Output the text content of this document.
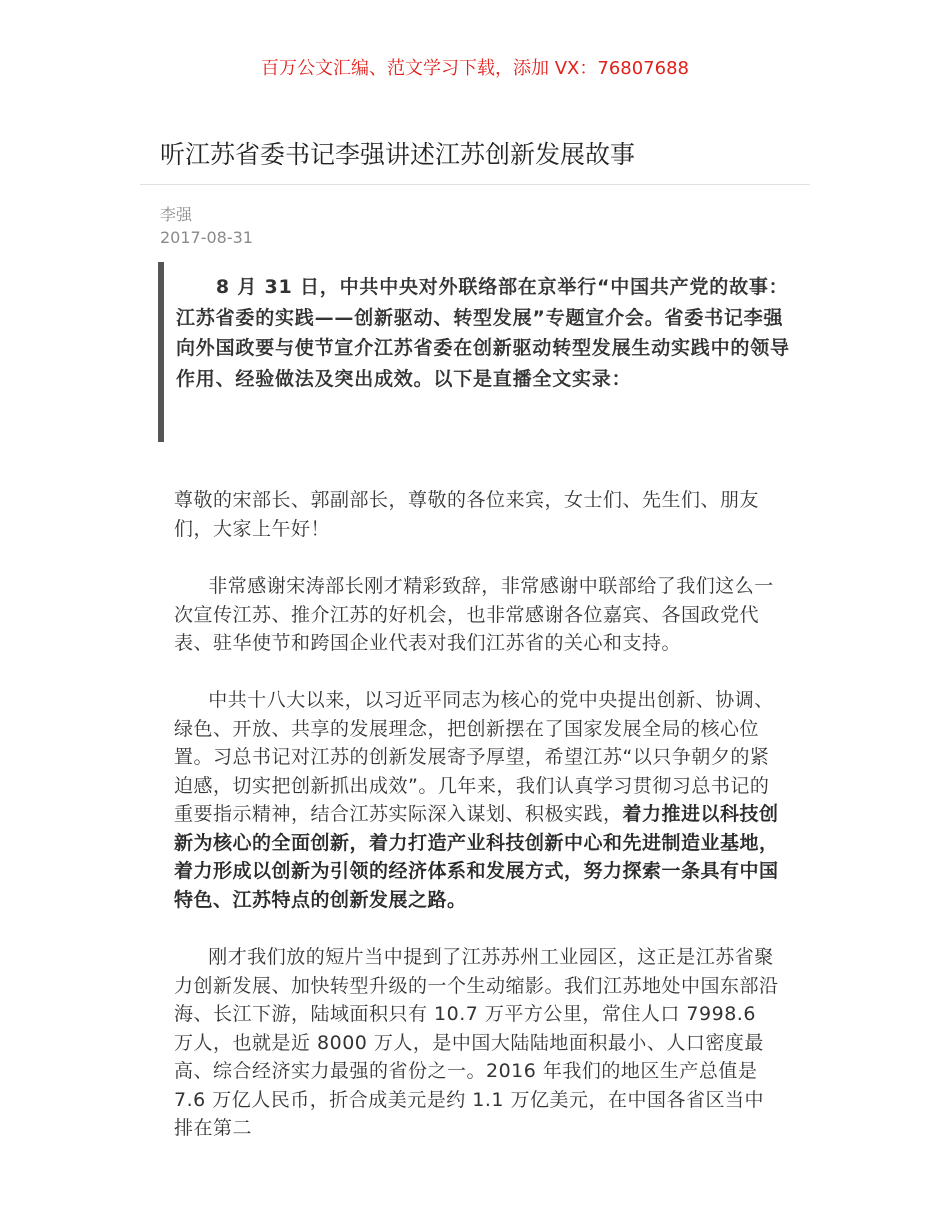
百万公文汇编、范文学习下载，添加 VX：76807688
听江苏省委书记李强讲述江苏创新发展故事
李强
2017-08-31

8 月 31 日，中共中央对外联络部在京举行“中国共产党的故事：江苏省委的实践——创新驱动、转型发展”专题宣介会。省委书记李强向外国政要与使节宣介江苏省委在创新驱动转型发展生动实践中的领导作用、经验做法及突出成效。以下是直播全文实录：

尊敬的宋部长、郭副部长，尊敬的各位来宾，女士们、先生们、朋友们，大家上午好！

非常感谢宋涛部长刚才精彩致辞，非常感谢中联部给了我们这么一次宣传江苏、推介江苏的好机会，也非常感谢各位嘉宾、各国政党代表、驻华使节和跨国企业代表对我们江苏省的关心和支持。

中共十八大以来，以习近平同志为核心的党中央提出创新、协调、绿色、开放、共享的发展理念，把创新摆在了国家发展全局的核心位置。习总书记对江苏的创新发展寄予厚望，希望江苏“以只争朝夕的紧迫感，切实把创新抓出成效”。几年来，我们认真学习贯彻习总书记的重要指示精神，结合江苏实际深入谋划、积极实践，着力推进以科技创新为核心的全面创新，着力打造产业科技创新中心和先进制造业基地，着力形成以创新为引领的经济体系和发展方式，努力探索一条具有中国特色、江苏特点的创新发展之路。

刚才我们放的短片当中提到了江苏苏州工业园区，这正是江苏省聚力创新发展、加快转型升级的一个生动缩影。我们江苏地处中国东部沿海、长江下游，陆域面积只有 10.7 万平方公里，常住人口 7998.6 万人，也就是近 8000 万人，是中国大陆陆地面积最小、人口密度最高、综合经济实力最强的省份之一。2016 年我们的地区生产总值是 7.6 万亿人民币，折合成美元是约 1.1 万亿美元，在中国各省区当中排在第二
